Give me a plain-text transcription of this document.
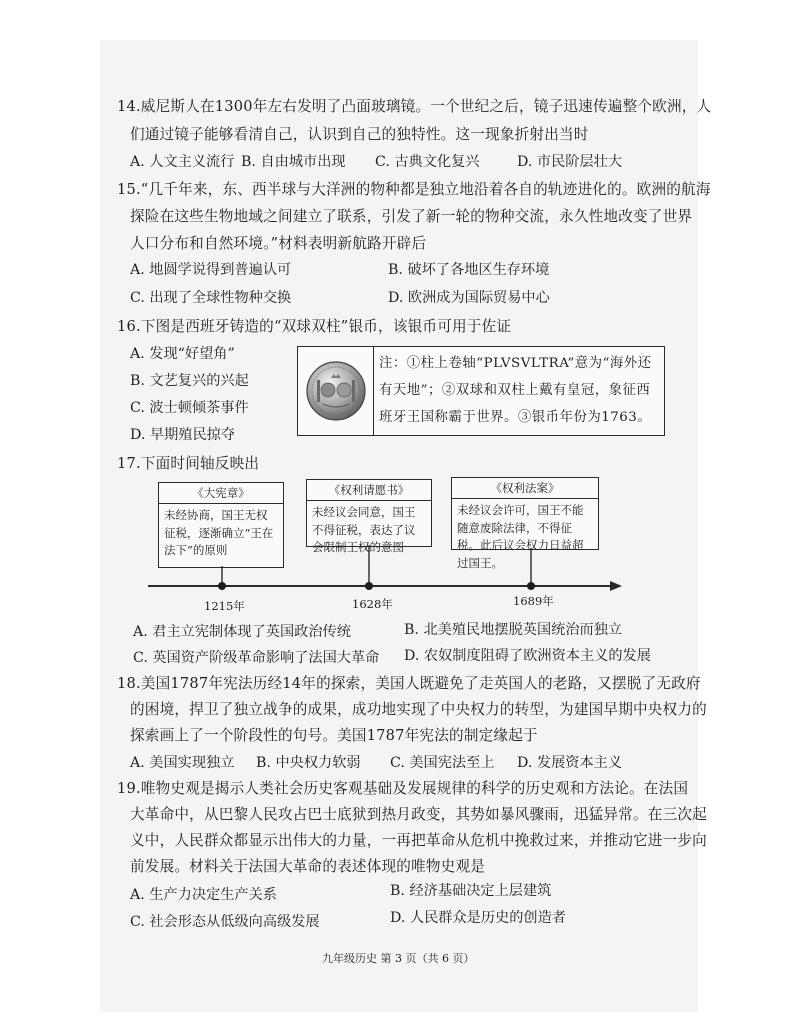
14.威尼斯人在1300年左右发明了凸面玻璃镜。一个世纪之后，镜子迅速传遍整个欧洲，人
们通过镜子能够看清自己，认识到自己的独特性。这一现象折射出当时
A. 人文主义流行 B. 自由城市出现 C. 古典文化复兴	D. 市民阶层壮大
15.“几千年来，东、西半球与大洋洲的物种都是独立地沿着各自的轨迹进化的。欧洲的航海
探险在这些生物地域之间建立了联系，引发了新一轮的物种交流，永久性地改变了世界
人口分布和自然环境。”材料表明新航路开辟后
A. 地圆学说得到普遍认可	B. 破坏了各地区生存环境
C. 出现了全球性物种交换	D. 欧洲成为国际贸易中心
16.下图是西班牙铸造的“双球双柱”银币，该银币可用于佐证
A. 发现“好望角”
B. 文艺复兴的兴起
C. 波士顿倾茶事件
D. 早期殖民掠夺
注：①柱上卷轴“PLVSVLTRA”意为“海外还有天地”；②双球和双柱上戴有皇冠，象征西班牙王国称霸于世界。③银币年份为1763。
17.下面时间轴反映出
《大宪章》
未经协商，国王无权征税，逐渐确立“王在法下”的原则
《权利请愿书》
未经议会同意，国王不得征税，表达了议会限制王权的意图
《权利法案》
未经议会许可，国王不能随意废除法律，不得征税。此后议会权力日益超过国王。
1215年	1628年	1689年
A. 君主立宪制体现了英国政治传统	B. 北美殖民地摆脱英国统治而独立
C. 英国资产阶级革命影响了法国大革命 D. 农奴制度阻碍了欧洲资本主义的发展
18.美国1787年宪法历经14年的探索，美国人既避免了走英国人的老路，又摆脱了无政府
的困境，捍卫了独立战争的成果，成功地实现了中央权力的转型，为建国早期中央权力的
探索画上了一个阶段性的句号。美国1787年宪法的制定缘起于
A. 美国实现独立 B. 中央权力软弱 C. 美国宪法至上 D. 发展资本主义
19.唯物史观是揭示人类社会历史客观基础及发展规律的科学的历史观和方法论。在法国
大革命中，从巴黎人民攻占巴士底狱到热月政变，其势如暴风骤雨，迅猛异常。在三次起
义中，人民群众都显示出伟大的力量，一再把革命从危机中挽救过来，并推动它进一步向
前发展。材料关于法国大革命的表述体现的唯物史观是
A. 生产力决定生产关系	B. 经济基础决定上层建筑
C. 社会形态从低级向高级发展	D. 人民群众是历史的创造者
九年级历史 第 3 页（共 6 页）
